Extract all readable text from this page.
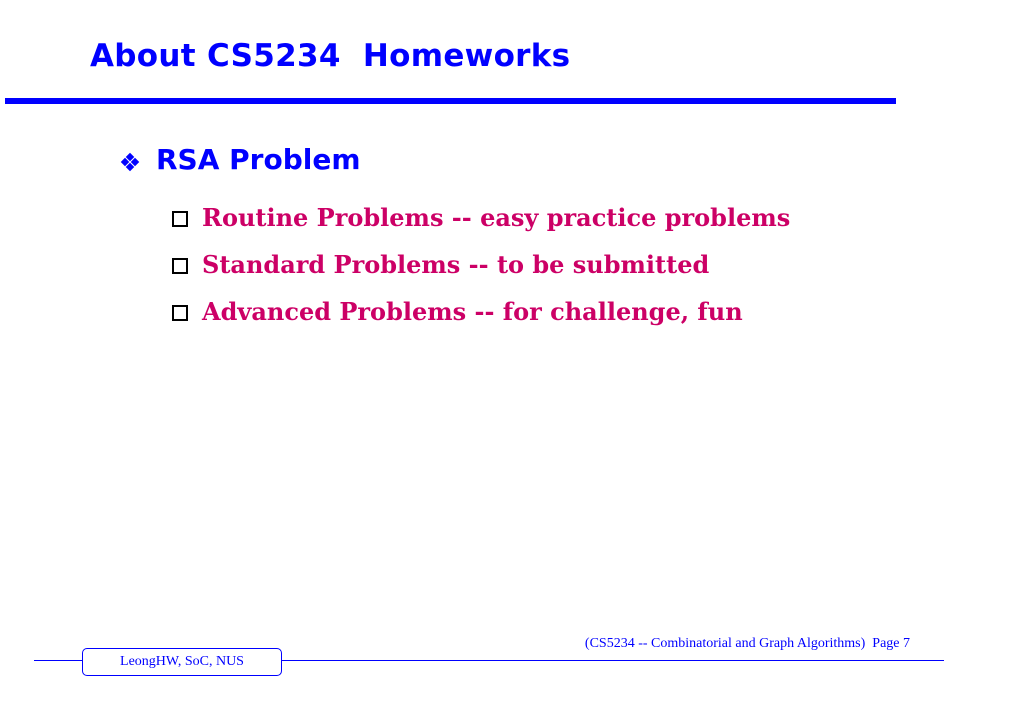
About CS5234  Homeworks
RSA Problem
Routine Problems -- easy practice problems
Standard Problems -- to be submitted
Advanced Problems -- for challenge, fun
(CS5234 -- Combinatorial and Graph Algorithms)  Page 7
LeongHW, SoC, NUS
